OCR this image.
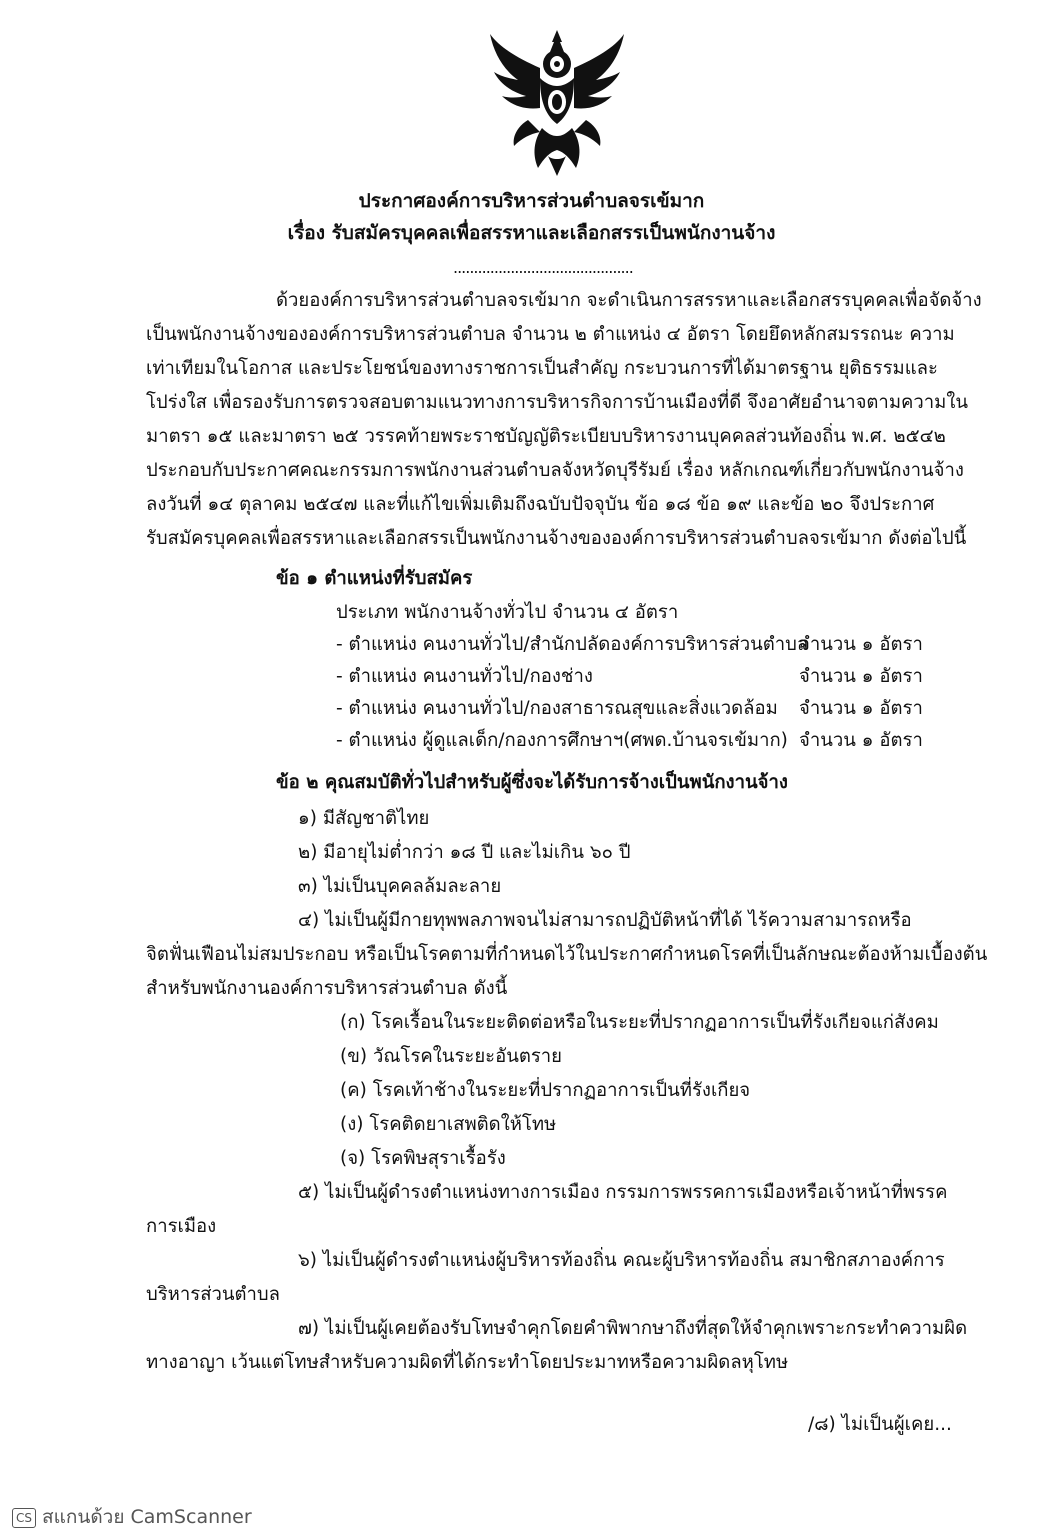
ประกาศองค์การบริหารส่วนตำบลจรเข้มาก
เรื่อง รับสมัครบุคคลเพื่อสรรหาและเลือกสรรเป็นพนักงานจ้าง
............................................
ด้วยองค์การบริหารส่วนตำบลจรเข้มาก จะดำเนินการสรรหาและเลือกสรรบุคคลเพื่อจัดจ้าง
เป็นพนักงานจ้างขององค์การบริหารส่วนตำบล จำนวน ๒ ตำแหน่ง ๔ อัตรา โดยยึดหลักสมรรถนะ ความ
เท่าเทียมในโอกาส และประโยชน์ของทางราชการเป็นสำคัญ กระบวนการที่ได้มาตรฐาน ยุติธรรมและ
โปร่งใส เพื่อรองรับการตรวจสอบตามแนวทางการบริหารกิจการบ้านเมืองที่ดี จึงอาศัยอำนาจตามความใน
มาตรา ๑๕ และมาตรา ๒๕ วรรคท้ายพระราชบัญญัติระเบียบบริหารงานบุคคลส่วนท้องถิ่น พ.ศ. ๒๕๔๒
ประกอบกับประกาศคณะกรรมการพนักงานส่วนตำบลจังหวัดบุรีรัมย์ เรื่อง หลักเกณฑ์เกี่ยวกับพนักงานจ้าง
ลงวันที่ ๑๔ ตุลาคม ๒๕๔๗ และที่แก้ไขเพิ่มเติมถึงฉบับปัจจุบัน ข้อ ๑๘ ข้อ ๑๙ และข้อ ๒๐ จึงประกาศ
รับสมัครบุคคลเพื่อสรรหาและเลือกสรรเป็นพนักงานจ้างขององค์การบริหารส่วนตำบลจรเข้มาก ดังต่อไปนี้
ข้อ ๑ ตำแหน่งที่รับสมัคร
ประเภท พนักงานจ้างทั่วไป จำนวน ๔ อัตรา
- ตำแหน่ง คนงานทั่วไป/สำนักปลัดองค์การบริหารส่วนตำบล
จำนวน ๑ อัตรา
- ตำแหน่ง คนงานทั่วไป/กองช่าง	จำนวน ๑ อัตรา
- ตำแหน่ง คนงานทั่วไป/กองสาธารณสุขและสิ่งแวดล้อม จำนวน ๑ อัตรา
- ตำแหน่ง ผู้ดูแลเด็ก/กองการศึกษาฯ(ศพด.บ้านจรเข้มาก) จำนวน ๑ อัตรา
ข้อ ๒ คุณสมบัติทั่วไปสำหรับผู้ซึ่งจะได้รับการจ้างเป็นพนักงานจ้าง
๑) มีสัญชาติไทย
๒) มีอายุไม่ต่ำกว่า ๑๘ ปี และไม่เกิน ๖๐ ปี
๓) ไม่เป็นบุคคลล้มละลาย
๔) ไม่เป็นผู้มีกายทุพพลภาพจนไม่สามารถปฏิบัติหน้าที่ได้ ไร้ความสามารถหรือ
จิตฟั่นเฟือนไม่สมประกอบ หรือเป็นโรคตามที่กำหนดไว้ในประกาศกำหนดโรคที่เป็นลักษณะต้องห้ามเบื้องต้น
สำหรับพนักงานองค์การบริหารส่วนตำบล ดังนี้
(ก) โรคเรื้อนในระยะติดต่อหรือในระยะที่ปรากฏอาการเป็นที่รังเกียจแก่สังคม
(ข) วัณโรคในระยะอันตราย
(ค) โรคเท้าช้างในระยะที่ปรากฏอาการเป็นที่รังเกียจ
(ง) โรคติดยาเสพติดให้โทษ
(จ) โรคพิษสุราเรื้อรัง
๕) ไม่เป็นผู้ดำรงตำแหน่งทางการเมือง กรรมการพรรคการเมืองหรือเจ้าหน้าที่พรรค
การเมือง
๖) ไม่เป็นผู้ดำรงตำแหน่งผู้บริหารท้องถิ่น คณะผู้บริหารท้องถิ่น สมาชิกสภาองค์การ
บริหารส่วนตำบล
๗) ไม่เป็นผู้เคยต้องรับโทษจำคุกโดยคำพิพากษาถึงที่สุดให้จำคุกเพราะกระทำความผิด
ทางอาญา เว้นแต่โทษสำหรับความผิดที่ได้กระทำโดยประมาทหรือความผิดลหุโทษ
/๘) ไม่เป็นผู้เคย...
CS สแกนด้วย CamScanner
